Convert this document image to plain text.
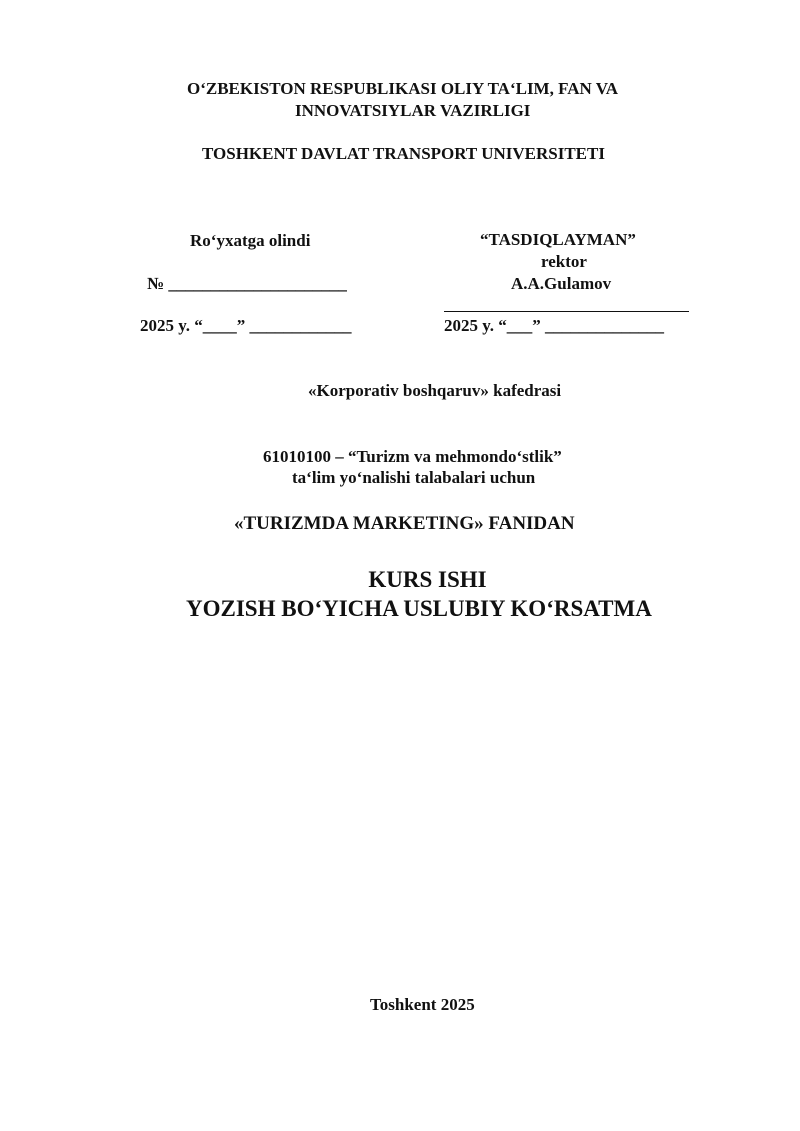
O‘ZBEKISTON RESPUBLIKASI OLIY TA‘LIM, FAN VA
INNOVATSIYLAR VAZIRLIGI
TOSHKENT DAVLAT TRANSPORT UNIVERSITETI
Ro‘yxatga olindi
№ _____________________
2025 y. “____” ____________
“TASDIQLAYMAN”
rektor
A.A.Gulamov
2025 y. “___” ______________
«Korporativ boshqaruv» kafedrasi
61010100 – “Turizm va mehmondo‘stlik”
ta‘lim yo‘nalishi talabalari uchun
«TURIZMDA MARKETING» FANIDAN
KURS ISHI
YOZISH BO‘YICHA USLUBIY KO‘RSATMA
Toshkent 2025
